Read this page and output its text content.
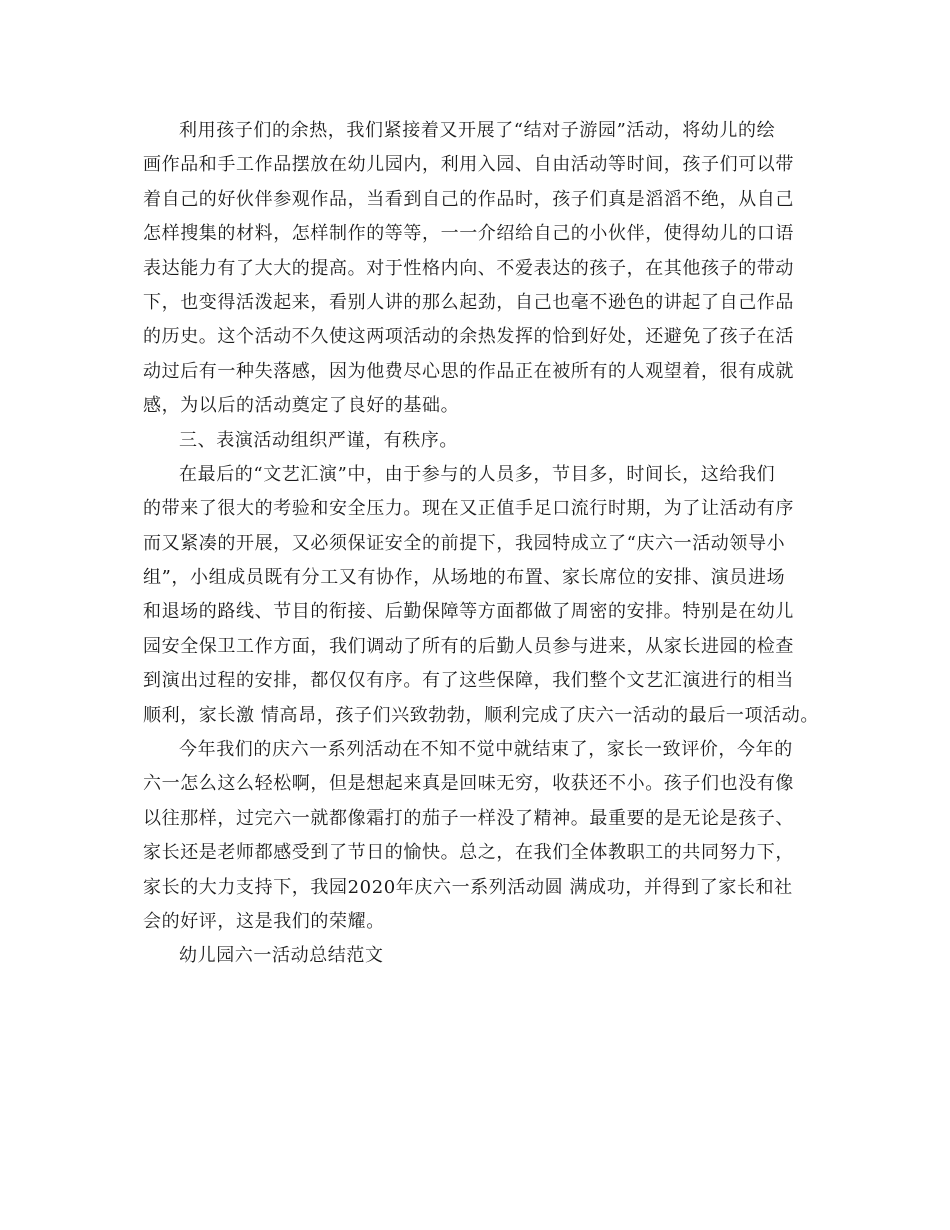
利用孩子们的余热，我们紧接着又开展了“结对子游园”活动，将幼儿的绘
画作品和手工作品摆放在幼儿园内，利用入园、自由活动等时间，孩子们可以带
着自己的好伙伴参观作品，当看到自己的作品时，孩子们真是滔滔不绝，从自己
怎样搜集的材料，怎样制作的等等，一一介绍给自己的小伙伴，使得幼儿的口语
表达能力有了大大的提高。对于性格内向、不爱表达的孩子，在其他孩子的带动
下，也变得活泼起来，看别人讲的那么起劲，自己也毫不逊色的讲起了自己作品
的历史。这个活动不久使这两项活动的余热发挥的恰到好处，还避免了孩子在活
动过后有一种失落感，因为他费尽心思的作品正在被所有的人观望着，很有成就
感，为以后的活动奠定了良好的基础。
三、表演活动组织严谨，有秩序。
在最后的“文艺汇演”中，由于参与的人员多，节目多，时间长，这给我们
的带来了很大的考验和安全压力。现在又正值手足口流行时期，为了让活动有序
而又紧凑的开展，又必须保证安全的前提下，我园特成立了“庆六一活动领导小
组”，小组成员既有分工又有协作，从场地的布置、家长席位的安排、演员进场
和退场的路线、节目的衔接、后勤保障等方面都做了周密的安排。特别是在幼儿
园安全保卫工作方面，我们调动了所有的后勤人员参与进来，从家长进园的检查
到演出过程的安排，都仅仅有序。有了这些保障，我们整个文艺汇演进行的相当
顺利，家长激 情高昂，孩子们兴致勃勃，顺利完成了庆六一活动的最后一项活动。
今年我们的庆六一系列活动在不知不觉中就结束了，家长一致评价，今年的
六一怎么这么轻松啊，但是想起来真是回味无穷，收获还不小。孩子们也没有像
以往那样，过完六一就都像霜打的茄子一样没了精神。最重要的是无论是孩子、
家长还是老师都感受到了节日的愉快。总之，在我们全体教职工的共同努力下，
家长的大力支持下，我园2020年庆六一系列活动圆 满成功，并得到了家长和社
会的好评，这是我们的荣耀。
幼儿园六一活动总结范文
